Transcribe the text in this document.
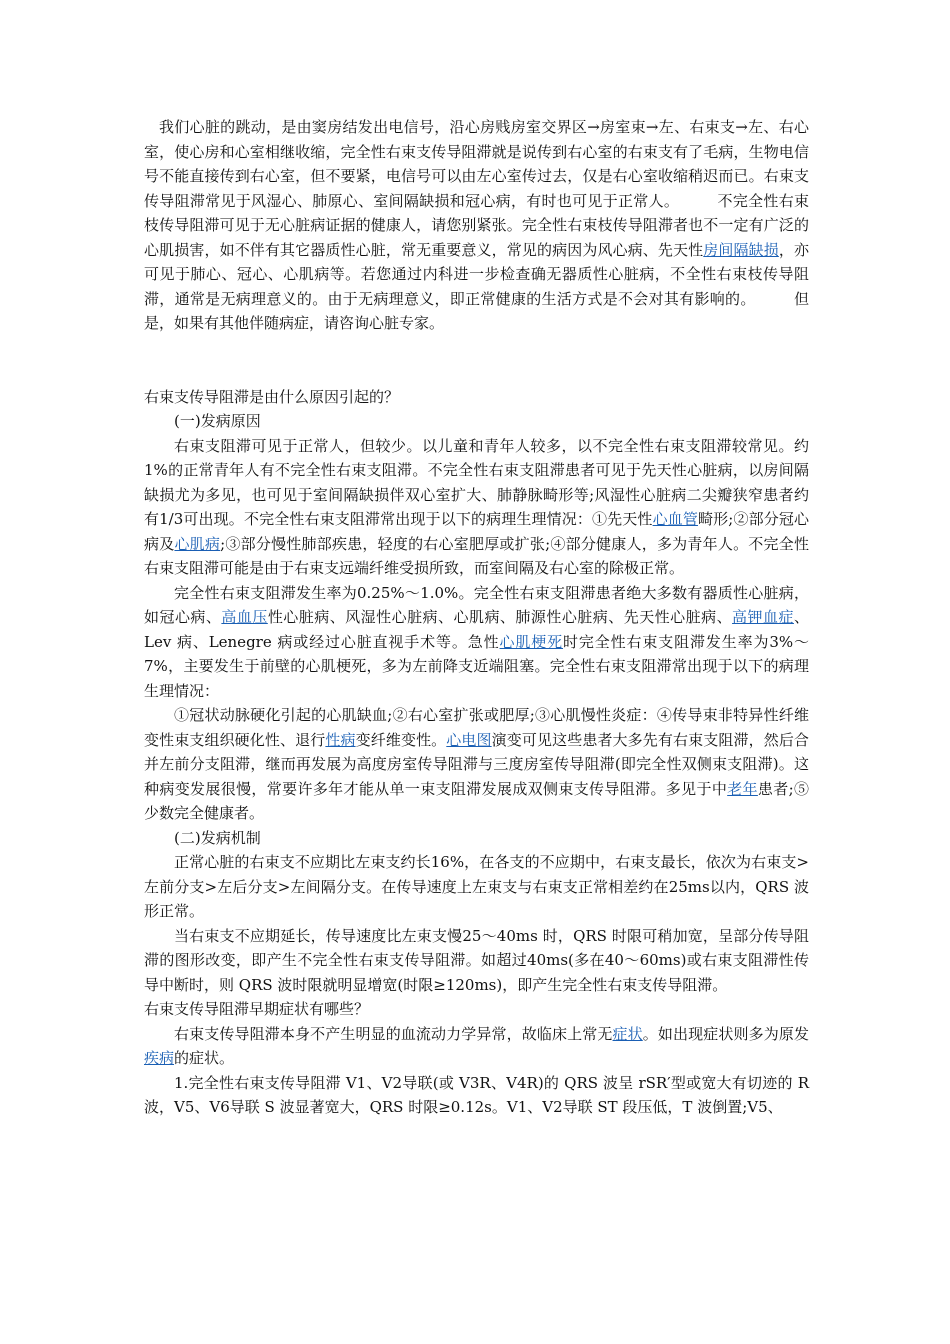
我们心脏的跳动，是由窦房结发出电信号，沿心房贱房室交界区→房室束→左、右束支→左、右心室，使心房和心室相继收缩，完全性右束支传导阻滞就是说传到右心室的右束支有了毛病，生物电信号不能直接传到右心室，但不要紧，电信号可以由左心室传过去，仅是右心室收缩稍迟而已。右束支传导阻滞常见于风湿心、肺原心、室间隔缺损和冠心病，有时也可见于正常人。　　　不完全性右束枝传导阻滞可见于无心脏病证据的健康人，请您别紧张。完全性右束枝传导阻滞者也不一定有广泛的心肌损害，如不伴有其它器质性心脏，常无重要意义，常见的病因为风心病、先天性房间隔缺损，亦可见于肺心、冠心、心肌病等。若您通过内科进一步检查确无器质性心脏病，不全性右束枝传导阻滞，通常是无病理意义的。由于无病理意义，即正常健康的生活方式是不会对其有影响的。　　　但是，如果有其他伴随病症，请咨询心脏专家。

右束支传导阻滞是由什么原因引起的？

(一)发病原因

右束支阻滞可见于正常人，但较少。以儿童和青年人较多，以不完全性右束支阻滞较常见。约1%的正常青年人有不完全性右束支阻滞。不完全性右束支阻滞患者可见于先天性心脏病，以房间隔缺损尤为多见，也可见于室间隔缺损伴双心室扩大、肺静脉畸形等;风湿性心脏病二尖瓣狭窄患者约有1/3可出现。不完全性右束支阻滞常出现于以下的病理生理情况：①先天性心血管畸形;②部分冠心病及心肌病;③部分慢性肺部疾患，轻度的右心室肥厚或扩张;④部分健康人，多为青年人。不完全性右束支阻滞可能是由于右束支远端纤维受损所致，而室间隔及右心室的除极正常。

完全性右束支阻滞发生率为0.25%～1.0%。完全性右束支阻滞患者绝大多数有器质性心脏病，如冠心病、高血压性心脏病、风湿性心脏病、心肌病、肺源性心脏病、先天性心脏病、高钾血症、Lev 病、Lenegre 病或经过心脏直视手术等。急性心肌梗死时完全性右束支阻滞发生率为3%～7%，主要发生于前壁的心肌梗死，多为左前降支近端阻塞。完全性右束支阻滞常出现于以下的病理生理情况：

①冠状动脉硬化引起的心肌缺血;②右心室扩张或肥厚;③心肌慢性炎症：④传导束非特异性纤维变性束支组织硬化性、退行性病变纤维变性。心电图演变可见这些患者大多先有右束支阻滞，然后合并左前分支阻滞，继而再发展为高度房室传导阻滞与三度房室传导阻滞(即完全性双侧束支阻滞)。这种病变发展很慢，常要许多年才能从单一束支阻滞发展成双侧束支传导阻滞。多见于中老年患者;⑤少数完全健康者。

(二)发病机制

正常心脏的右束支不应期比左束支约长16%，在各支的不应期中，右束支最长，依次为右束支>左前分支>左后分支>左间隔分支。在传导速度上左束支与右束支正常相差约在25ms以内，QRS 波形正常。

当右束支不应期延长，传导速度比左束支慢25～40ms 时，QRS 时限可稍加宽，呈部分传导阻滞的图形改变，即产生不完全性右束支传导阻滞。如超过40ms(多在40～60ms)或右束支阻滞性传导中断时，则 QRS 波时限就明显增宽(时限≥120ms)，即产生完全性右束支传导阻滞。

右束支传导阻滞早期症状有哪些？

右束支传导阻滞本身不产生明显的血流动力学异常，故临床上常无症状。如出现症状则多为原发疾病的症状。

1.完全性右束支传导阻滞 V1、V2导联(或 V3R、V4R)的 QRS 波呈 rSR′型或宽大有切迹的 R 波，V5、V6导联 S 波显著宽大，QRS 时限≥0.12s。V1、V2导联 ST 段压低，T 波倒置;V5、
